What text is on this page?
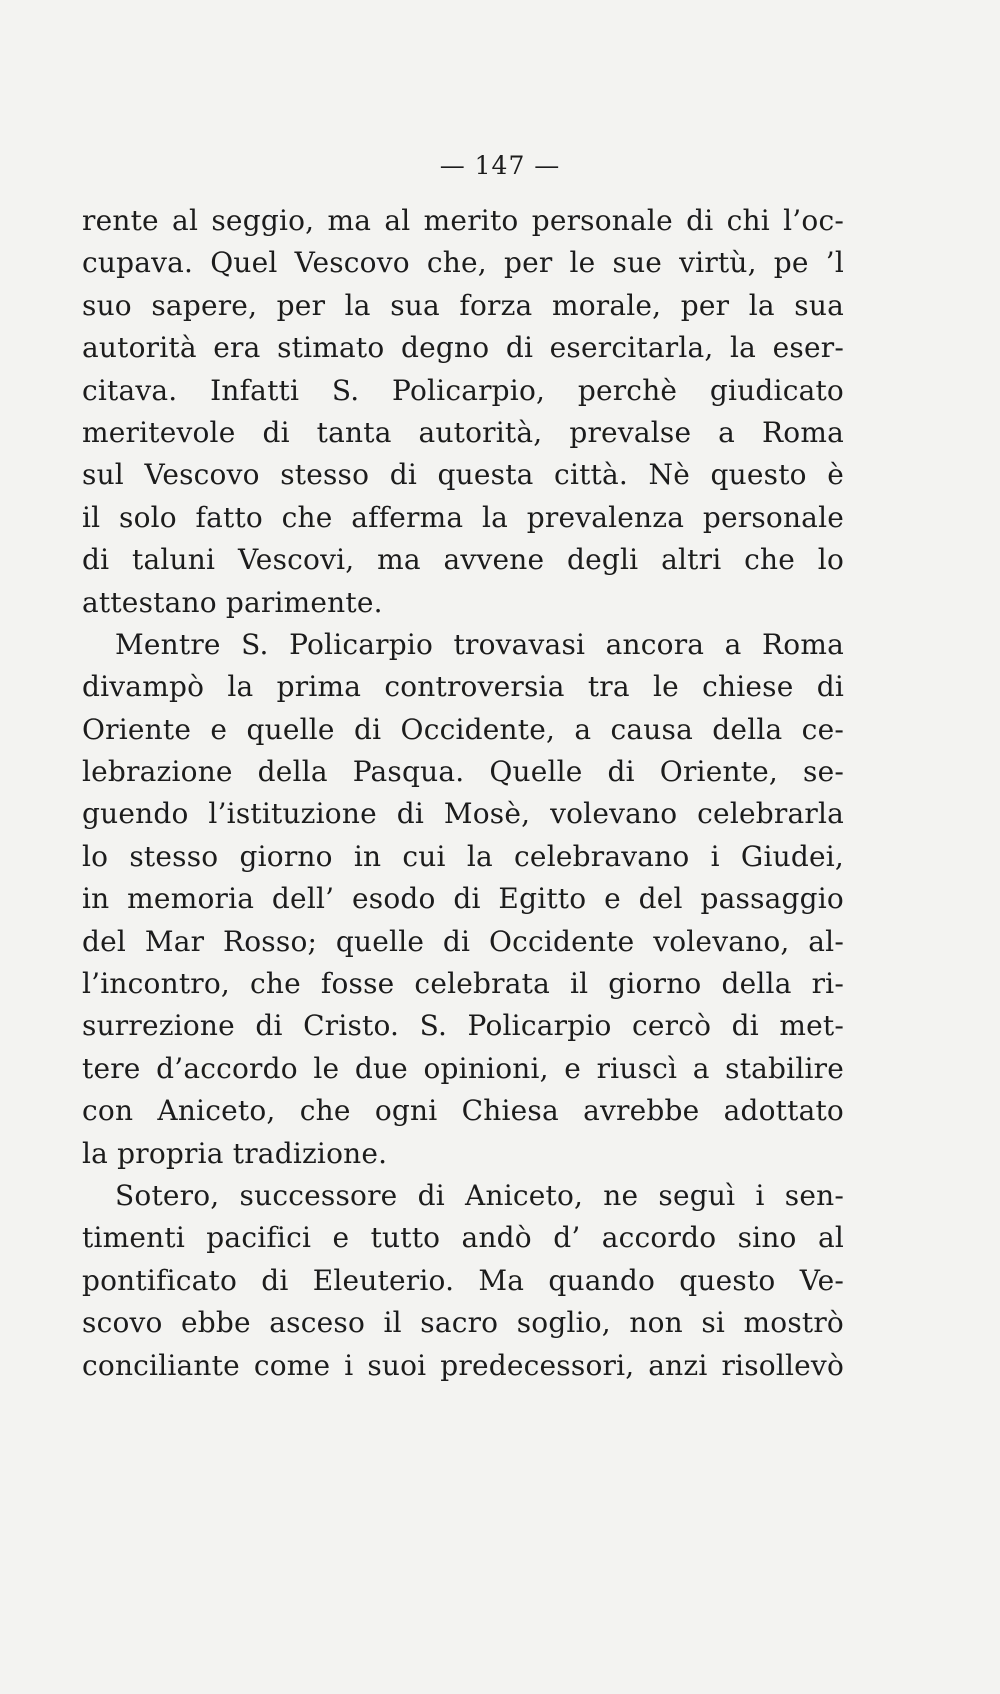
— 147 —
rente al seggio, ma al merito personale di chi l’oc-
cupava. Quel Vescovo che, per le sue virtù, pe ’l
suo sapere, per la sua forza morale, per la sua
autorità era stimato degno di esercitarla, la eser-
citava. Infatti S. Policarpio, perchè giudicato
meritevole di tanta autorità, prevalse a Roma
sul Vescovo stesso di questa città. Nè questo è
il solo fatto che afferma la prevalenza personale
di taluni Vescovi, ma avvene degli altri che lo
attestano parimente.
Mentre S. Policarpio trovavasi ancora a Roma
divampò la prima controversia tra le chiese di
Oriente e quelle di Occidente, a causa della ce-
lebrazione della Pasqua. Quelle di Oriente, se-
guendo l’istituzione di Mosè, volevano celebrarla
lo stesso giorno in cui la celebravano i Giudei,
in memoria dell’ esodo di Egitto e del passaggio
del Mar Rosso; quelle di Occidente volevano, al-
l’incontro, che fosse celebrata il giorno della ri-
surrezione di Cristo. S. Policarpio cercò di met-
tere d’accordo le due opinioni, e riuscì a stabilire
con Aniceto, che ogni Chiesa avrebbe adottato
la propria tradizione.
Sotero, successore di Aniceto, ne seguì i sen-
timenti pacifici e tutto andò d’ accordo sino al
pontificato di Eleuterio. Ma quando questo Ve-
scovo ebbe asceso il sacro soglio, non si mostrò
conciliante come i suoi predecessori, anzi risollevò
